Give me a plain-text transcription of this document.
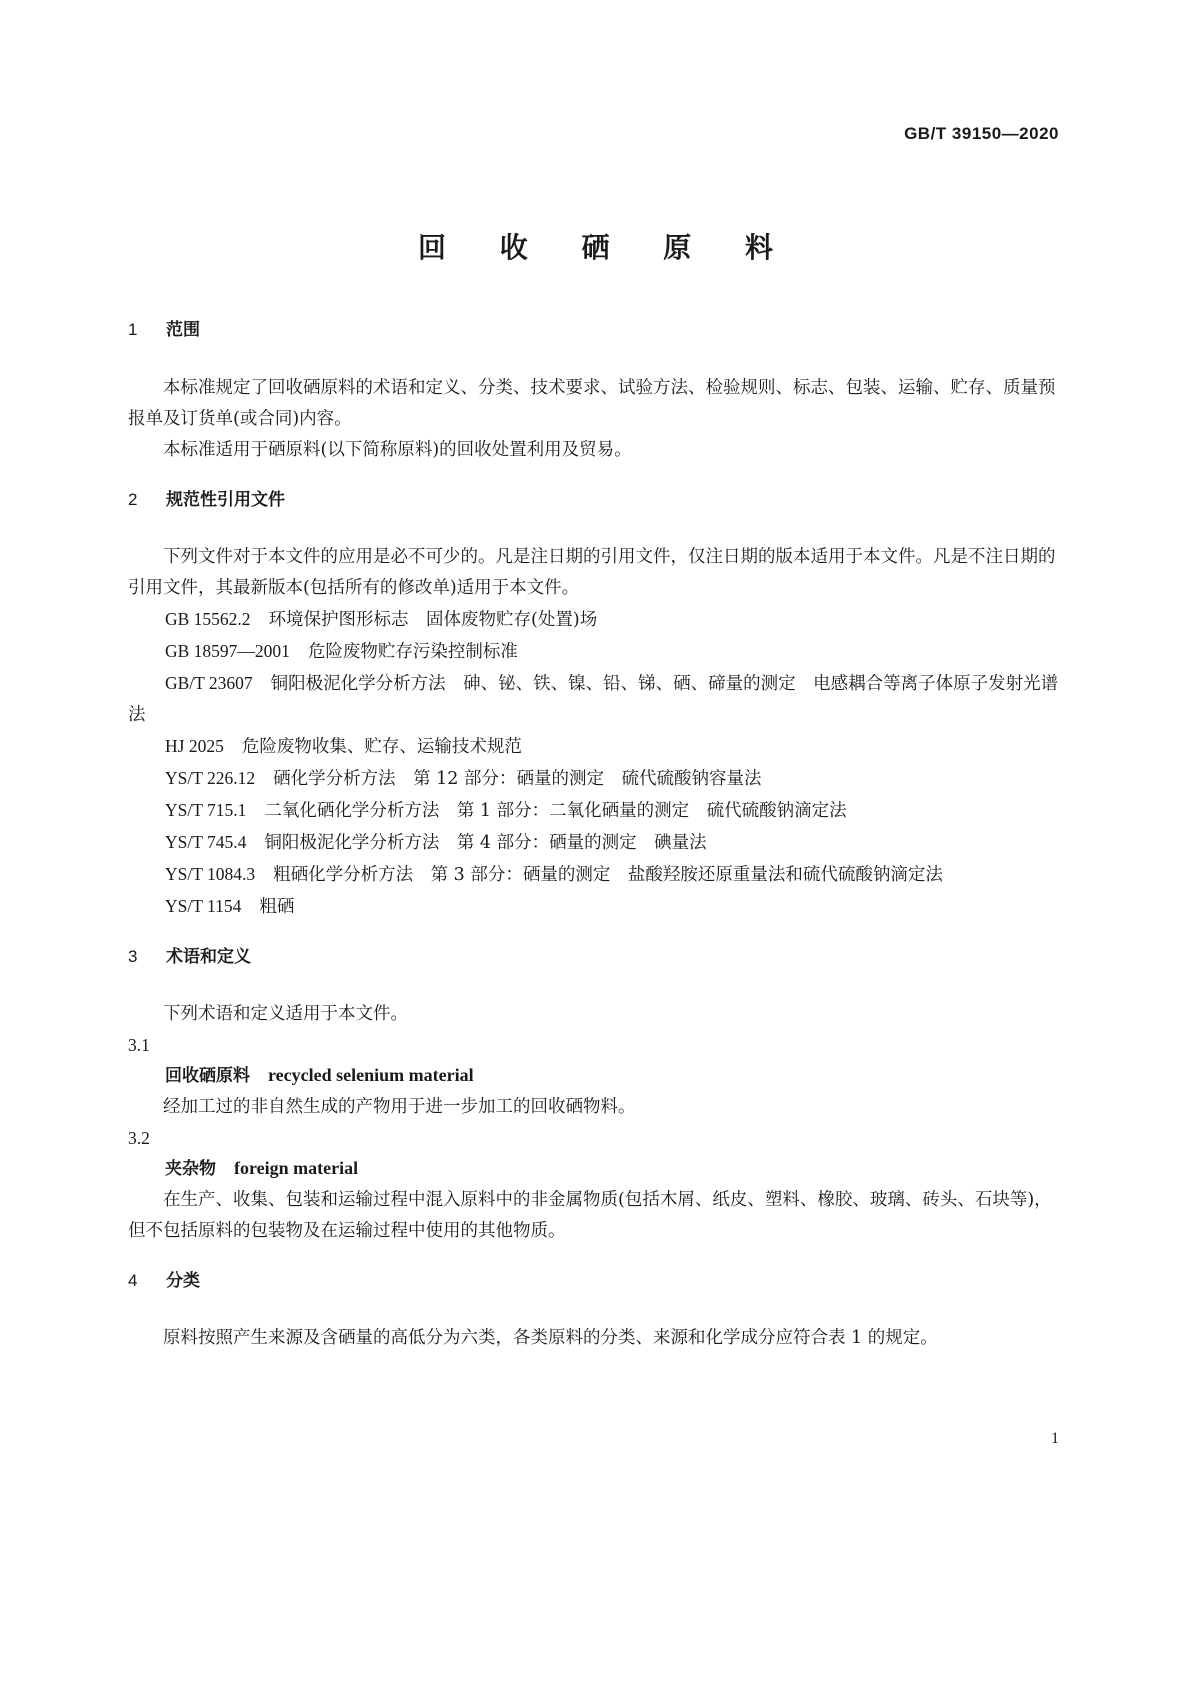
GB/T 39150—2020
回 收 硒 原 料
1 范围

本标准规定了回收硒原料的术语和定义、分类、技术要求、试验方法、检验规则、标志、包装、运输、贮存、质量预报单及订货单(或合同)内容。

本标准适用于硒原料(以下简称原料)的回收处置利用及贸易。

2 规范性引用文件

下列文件对于本文件的应用是必不可少的。凡是注日期的引用文件，仅注日期的版本适用于本文件。凡是不注日期的引用文件，其最新版本(包括所有的修改单)适用于本文件。

GB 15562.2 环境保护图形标志　固体废物贮存(处置)场

GB 18597—2001 危险废物贮存污染控制标准

GB/T 23607 铜阳极泥化学分析方法　砷、铋、铁、镍、铅、锑、硒、碲量的测定　电感耦合等离子体原子发射光谱法

HJ 2025 危险废物收集、贮存、运输技术规范

YS/T 226.12 硒化学分析方法　第 12 部分：硒量的测定　硫代硫酸钠容量法

YS/T 715.1 二氧化硒化学分析方法　第 1 部分：二氧化硒量的测定　硫代硫酸钠滴定法

YS/T 745.4 铜阳极泥化学分析方法　第 4 部分：硒量的测定　碘量法

YS/T 1084.3 粗硒化学分析方法　第 3 部分：硒量的测定　盐酸羟胺还原重量法和硫代硫酸钠滴定法

YS/T 1154 粗硒

3 术语和定义

下列术语和定义适用于本文件。

3.1
回收硒原料 recycled selenium material

经加工过的非自然生成的产物用于进一步加工的回收硒物料。

3.2
夹杂物 foreign material

在生产、收集、包装和运输过程中混入原料中的非金属物质(包括木屑、纸皮、塑料、橡胶、玻璃、砖头、石块等)，但不包括原料的包装物及在运输过程中使用的其他物质。

4 分类

原料按照产生来源及含硒量的高低分为六类，各类原料的分类、来源和化学成分应符合表 1 的规定。

1
